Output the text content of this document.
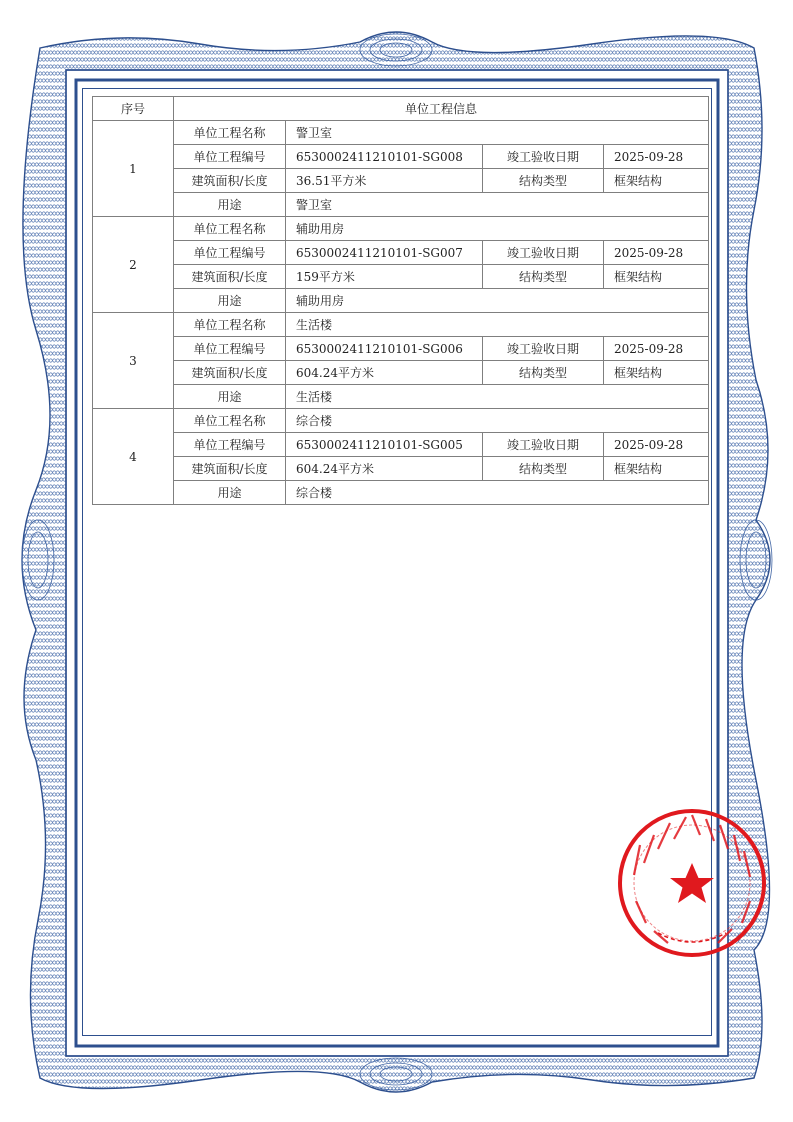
序号	单位工程信息			
1	单位工程名称	警卫室		
	单位工程编号	6530002411210101-SG008	竣工验收日期	2025-09-28
	建筑面积/长度	36.51平方米	结构类型	框架结构
	用途	警卫室		
2	单位工程名称	辅助用房		
	单位工程编号	6530002411210101-SG007	竣工验收日期	2025-09-28
	建筑面积/长度	159平方米	结构类型	框架结构
	用途	辅助用房		
3	单位工程名称	生活楼		
	单位工程编号	6530002411210101-SG006	竣工验收日期	2025-09-28
	建筑面积/长度	604.24平方米	结构类型	框架结构
	用途	生活楼		
4	单位工程名称	综合楼		
	单位工程编号	6530002411210101-SG005	竣工验收日期	2025-09-28
	建筑面积/长度	604.24平方米	结构类型	框架结构
	用途	综合楼		
